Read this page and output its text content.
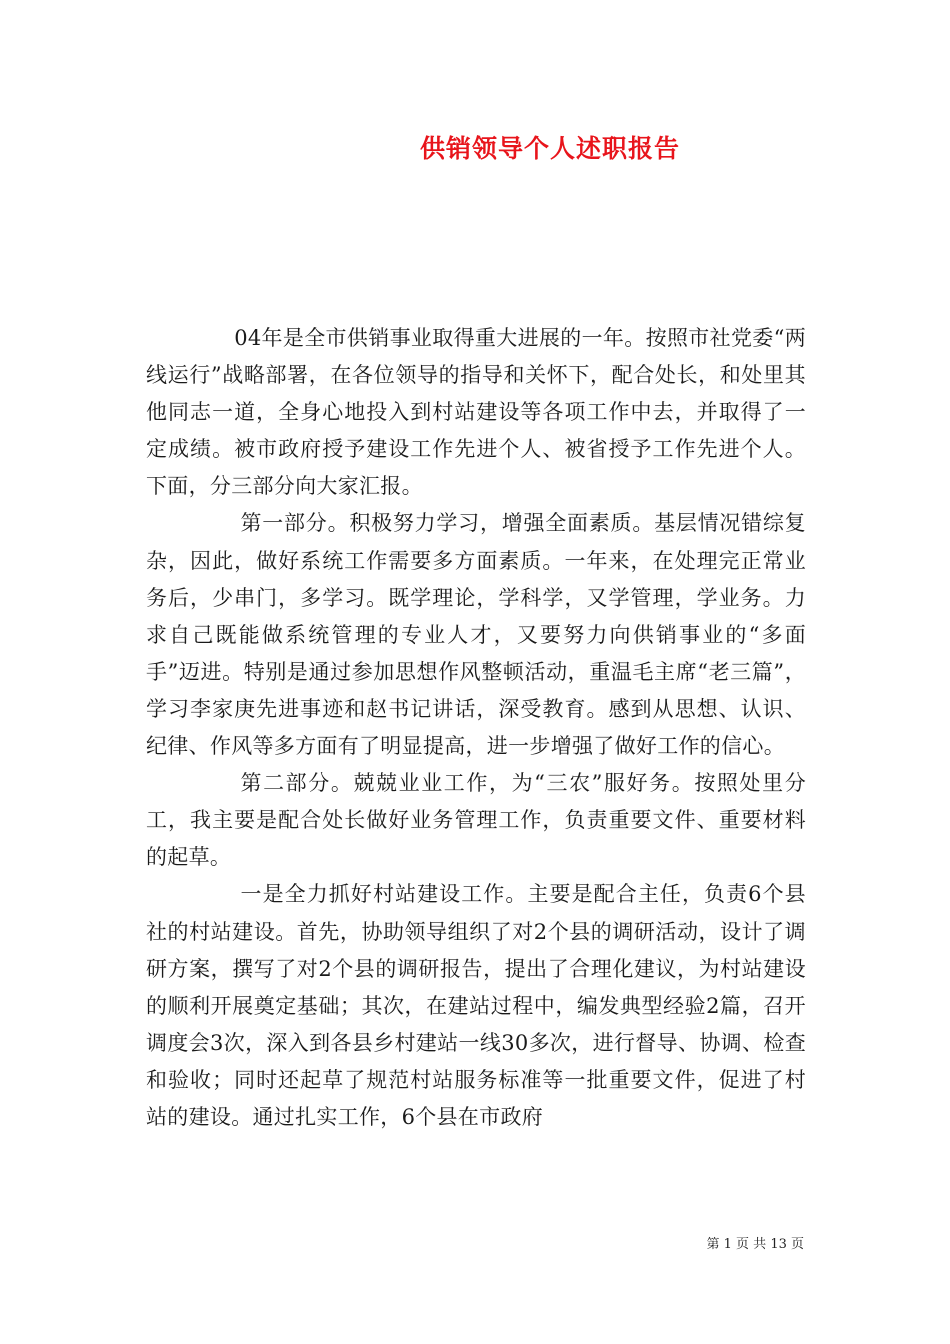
供销领导个人述职报告

04年是全市供销事业取得重大进展的一年。按照市社党委“两线运行”战略部署，在各位领导的指导和关怀下，配合处长，和处里其他同志一道，全身心地投入到村站建设等各项工作中去，并取得了一定成绩。被市政府授予建设工作先进个人、被省授予工作先进个人。下面，分三部分向大家汇报。

第一部分。积极努力学习，增强全面素质。基层情况错综复杂，因此，做好系统工作需要多方面素质。一年来，在处理完正常业务后，少串门，多学习。既学理论，学科学，又学管理，学业务。力求自己既能做系统管理的专业人才，又要努力向供销事业的“多面手”迈进。特别是通过参加思想作风整顿活动，重温毛主席“老三篇”，学习李家庚先进事迹和赵书记讲话，深受教育。感到从思想、认识、纪律、作风等多方面有了明显提高，进一步增强了做好工作的信心。

第二部分。兢兢业业工作，为“三农”服好务。按照处里分工，我主要是配合处长做好业务管理工作，负责重要文件、重要材料的起草。

一是全力抓好村站建设工作。主要是配合主任，负责6个县社的村站建设。首先，协助领导组织了对2个县的调研活动，设计了调研方案，撰写了对2个县的调研报告，提出了合理化建议，为村站建设的顺利开展奠定基础；其次，在建站过程中，编发典型经验2篇，召开调度会3次，深入到各县乡村建站一线30多次，进行督导、协调、检查和验收；同时还起草了规范村站服务标准等一批重要文件，促进了村站的建设。通过扎实工作，6个县在市政府

第 1 页 共 13 页
